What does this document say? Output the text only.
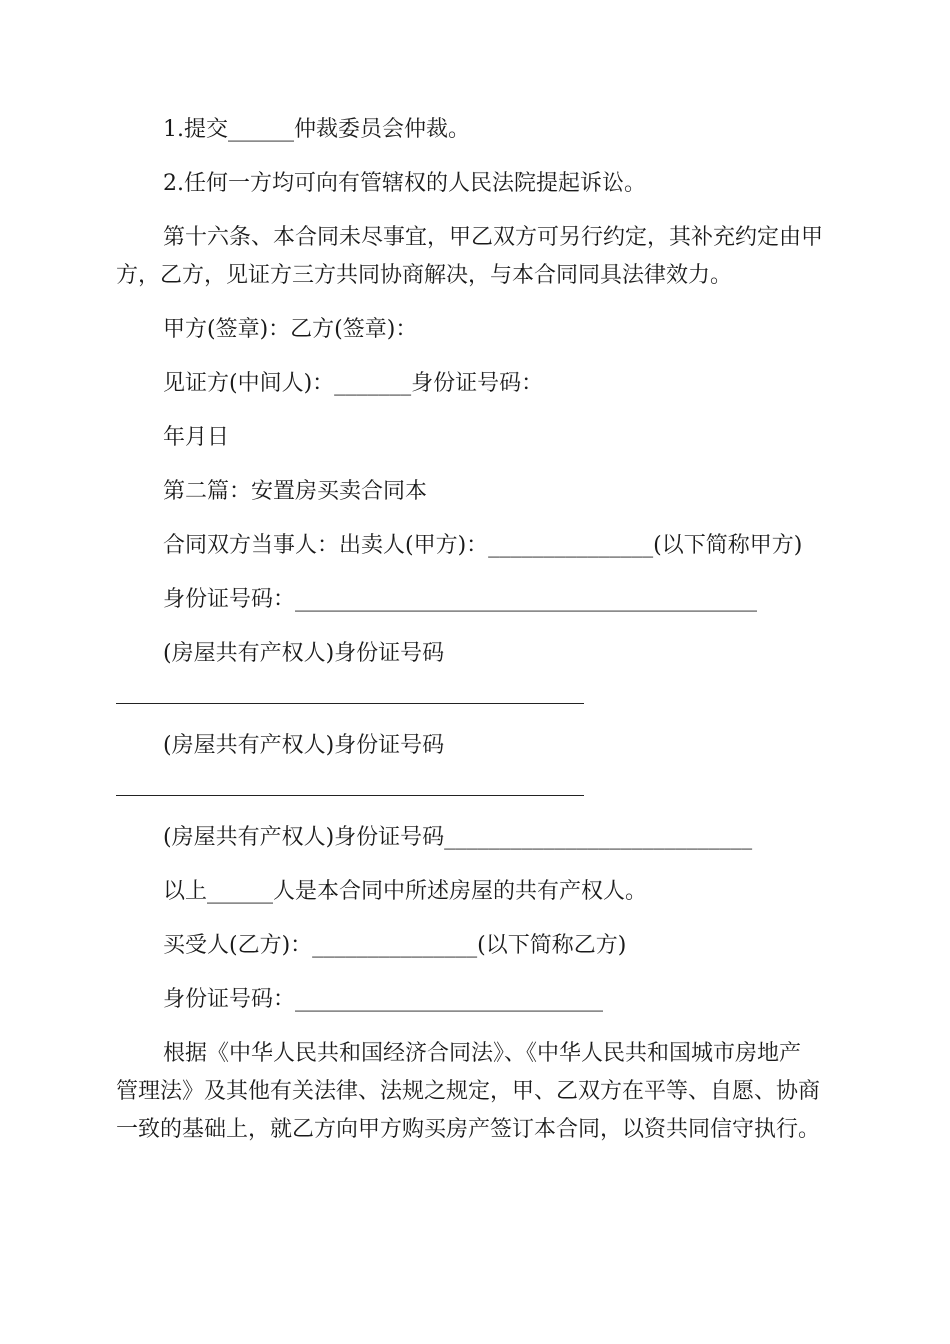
1.提交______仲裁委员会仲裁。
2.任何一方均可向有管辖权的人民法院提起诉讼。
第十六条、本合同未尽事宜，甲乙双方可另行约定，其补充约定由甲
方，乙方，见证方三方共同协商解决，与本合同同具法律效力。
甲方(签章)：乙方(签章)：
见证方(中间人)：_______身份证号码：
年月日
第二篇：安置房买卖合同本
合同双方当事人：出卖人(甲方)：_______________(以下简称甲方)
身份证号码：__________________________________________
(房屋共有产权人)身份证号码
(房屋共有产权人)身份证号码
(房屋共有产权人)身份证号码____________________________
以上______人是本合同中所述房屋的共有产权人。
买受人(乙方)：_______________(以下简称乙方)
身份证号码：____________________________
根据《中华人民共和国经济合同法》、《中华人民共和国城市房地产
管理法》及其他有关法律、法规之规定，甲、乙双方在平等、自愿、协商
一致的基础上，就乙方向甲方购买房产签订本合同，以资共同信守执行。
